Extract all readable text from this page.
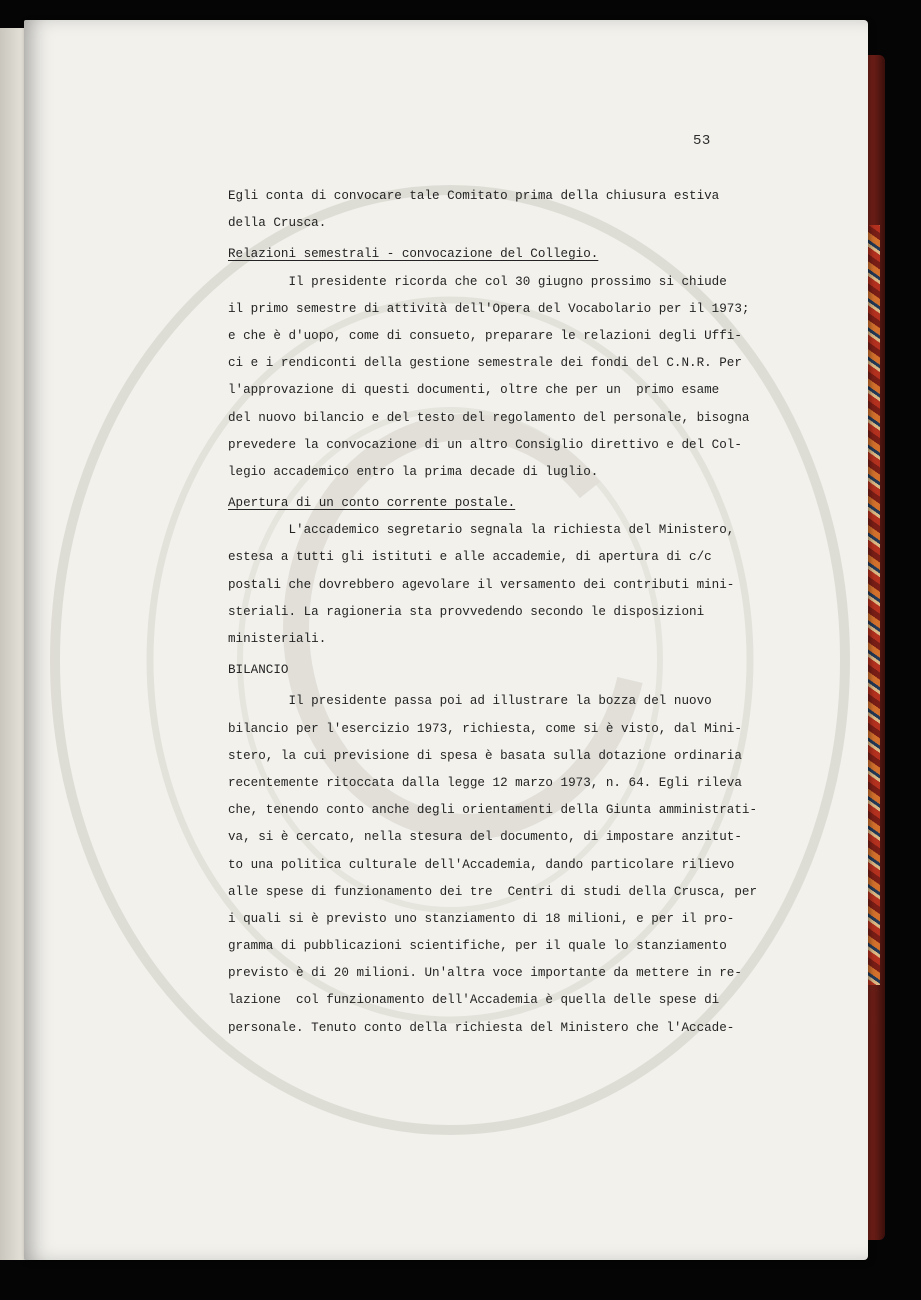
53
Egli conta di convocare tale Comitato prima della chiusura estiva
della Crusca.
Relazioni semestrali - convocazione del Collegio.
Il presidente ricorda che col 30 giugno prossimo si chiude
il primo semestre di attività dell'Opera del Vocabolario per il 1973;
e che è d'uopo, come di consueto, preparare le relazioni degli Uffi-
ci e i rendiconti della gestione semestrale dei fondi del C.N.R. Per
l'approvazione di questi documenti, oltre che per un  primo esame
del nuovo bilancio e del testo del regolamento del personale, bisogna
prevedere la convocazione di un altro Consiglio direttivo e del Col-
legio accademico entro la prima decade di luglio.
Apertura di un conto corrente postale.
L'accademico segretario segnala la richiesta del Ministero,
estesa a tutti gli istituti e alle accademie, di apertura di c/c
postali che dovrebbero agevolare il versamento dei contributi mini-
steriali. La ragioneria sta provvedendo secondo le disposizioni
ministeriali.
BILANCIO
Il presidente passa poi ad illustrare la bozza del nuovo
bilancio per l'esercizio 1973, richiesta, come si è visto, dal Mini-
stero, la cui previsione di spesa è basata sulla dotazione ordinaria
recentemente ritoccata dalla legge 12 marzo 1973, n. 64. Egli rileva
che, tenendo conto anche degli orientamenti della Giunta amministrati-
va, si è cercato, nella stesura del documento, di impostare anzitut-
to una politica culturale dell'Accademia, dando particolare rilievo
alle spese di funzionamento dei tre  Centri di studi della Crusca, per
i quali si è previsto uno stanziamento di 18 milioni, e per il pro-
gramma di pubblicazioni scientifiche, per il quale lo stanziamento
previsto è di 20 milioni. Un'altra voce importante da mettere in re-
lazione  col funzionamento dell'Accademia è quella delle spese di
personale. Tenuto conto della richiesta del Ministero che l'Accade-
